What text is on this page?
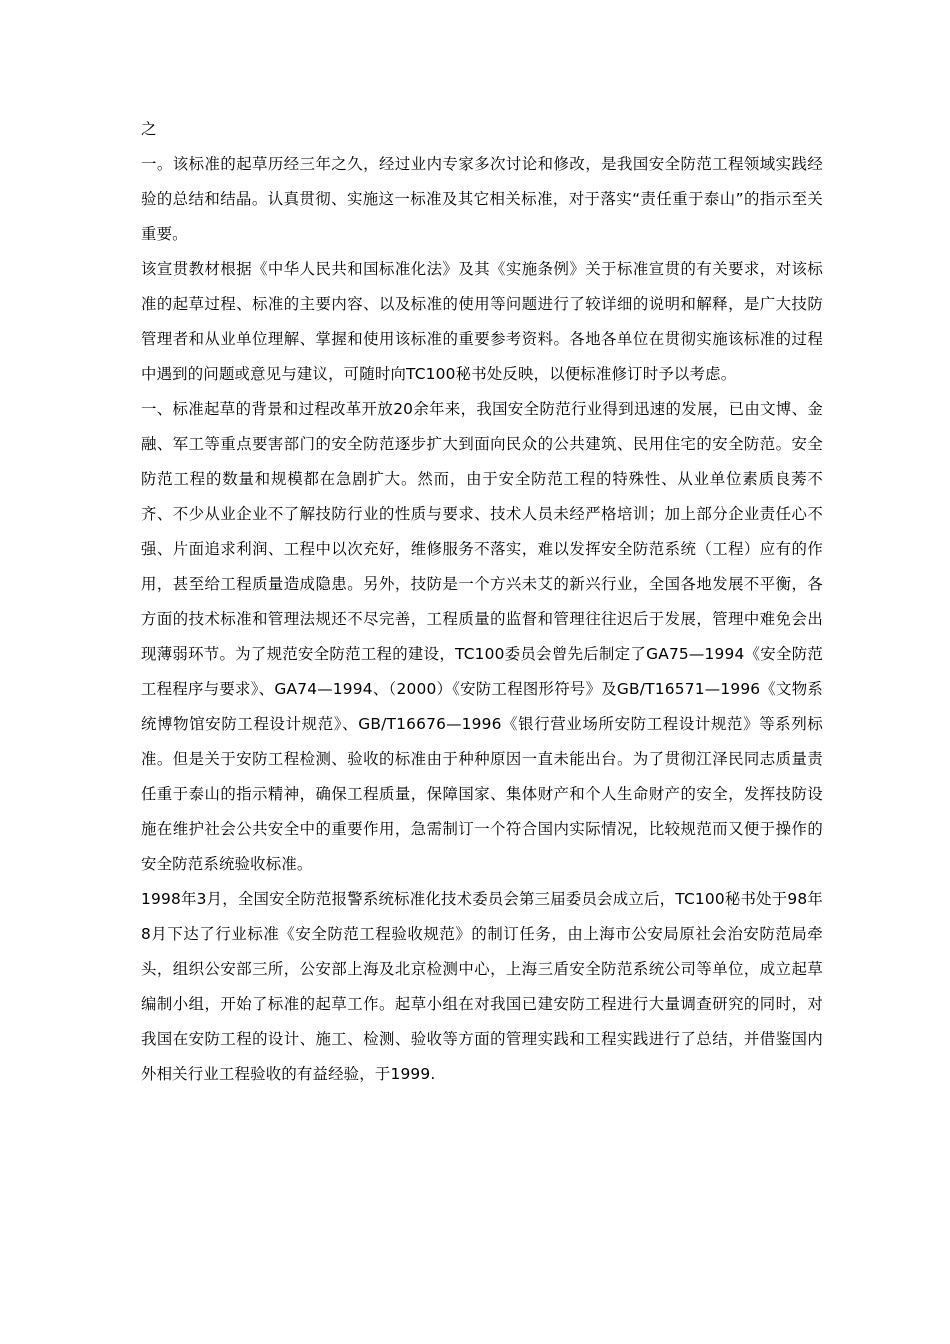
之

一。该标准的起草历经三年之久，经过业内专家多次讨论和修改，是我国安全防范工程领域实践经验的总结和结晶。认真贯彻、实施这一标准及其它相关标准，对于落实“责任重于泰山”的指示至关重要。

该宣贯教材根据《中华人民共和国标准化法》及其《实施条例》关于标准宣贯的有关要求，对该标准的起草过程、标准的主要内容、以及标准的使用等问题进行了较详细的说明和解释，是广大技防管理者和从业单位理解、掌握和使用该标准的重要参考资料。各地各单位在贯彻实施该标准的过程中遇到的问题或意见与建议，可随时向TC100秘书处反映，以便标准修订时予以考虑。

一、标准起草的背景和过程改革开放20余年来，我国安全防范行业得到迅速的发展，已由文博、金融、军工等重点要害部门的安全防范逐步扩大到面向民众的公共建筑、民用住宅的安全防范。安全防范工程的数量和规模都在急剧扩大。然而，由于安全防范工程的特殊性、从业单位素质良莠不齐、不少从业企业不了解技防行业的性质与要求、技术人员未经严格培训；加上部分企业责任心不强、片面追求利润、工程中以次充好，维修服务不落实，难以发挥安全防范系统（工程）应有的作用，甚至给工程质量造成隐患。另外，技防是一个方兴未艾的新兴行业，全国各地发展不平衡，各方面的技术标准和管理法规还不尽完善，工程质量的监督和管理往往迟后于发展，管理中难免会出现薄弱环节。为了规范安全防范工程的建设，TC100委员会曾先后制定了GA75—1994《安全防范工程程序与要求》、GA74—1994、（2000）《安防工程图形符号》及GB/T16571—1996《文物系统博物馆安防工程设计规范》、GB/T16676—1996《银行营业场所安防工程设计规范》等系列标准。但是关于安防工程检测、验收的标准由于种种原因一直未能出台。为了贯彻江泽民同志质量责任重于泰山的指示精神，确保工程质量，保障国家、集体财产和个人生命财产的安全，发挥技防设施在维护社会公共安全中的重要作用，急需制订一个符合国内实际情况，比较规范而又便于操作的安全防范系统验收标准。

1998年3月，全国安全防范报警系统标准化技术委员会第三届委员会成立后，TC100秘书处于98年8月下达了行业标准《安全防范工程验收规范》的制订任务，由上海市公安局原社会治安防范局牵头，组织公安部三所，公安部上海及北京检测中心，上海三盾安全防范系统公司等单位，成立起草编制小组，开始了标准的起草工作。起草小组在对我国已建安防工程进行大量调查研究的同时，对我国在安防工程的设计、施工、检测、验收等方面的管理实践和工程实践进行了总结，并借鉴国内外相关行业工程验收的有益经验，于1999.
